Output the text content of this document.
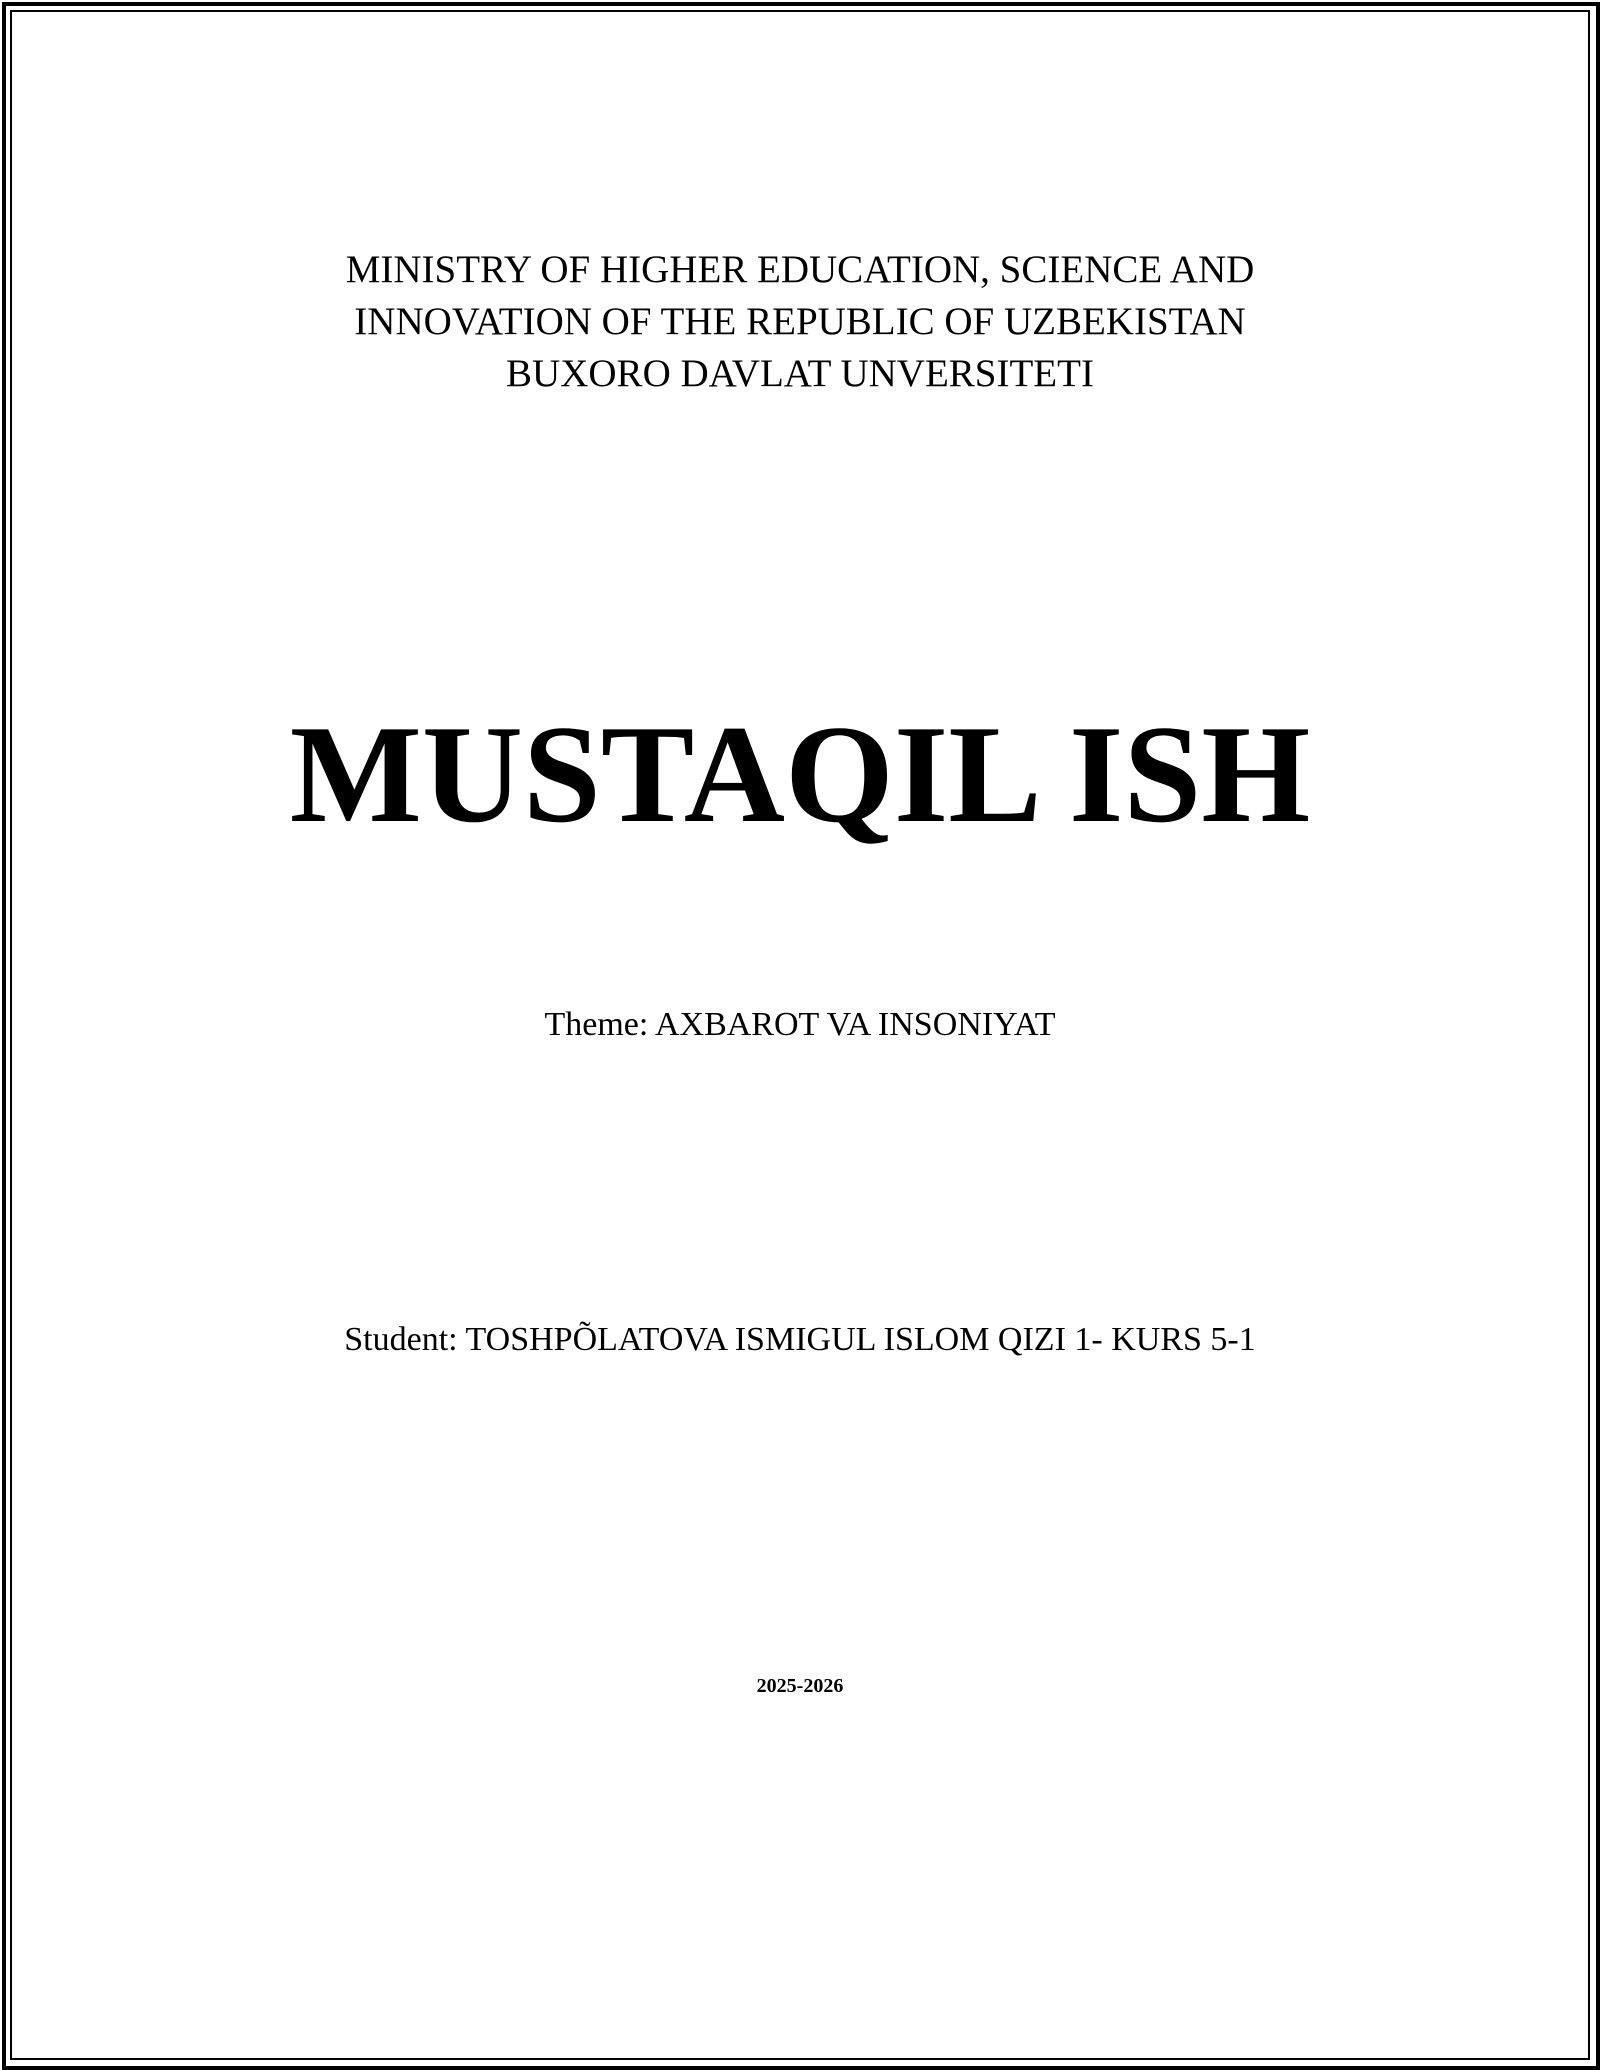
MINISTRY OF HIGHER EDUCATION, SCIENCE AND
INNOVATION OF THE REPUBLIC OF UZBEKISTAN
BUXORO DAVLAT UNVERSITETI
MUSTAQIL ISH
Theme: AXBAROT VA INSONIYAT
Student: TOSHPÕLATOVA ISMIGUL ISLOM QIZI 1- KURS 5-1
2025-2026
